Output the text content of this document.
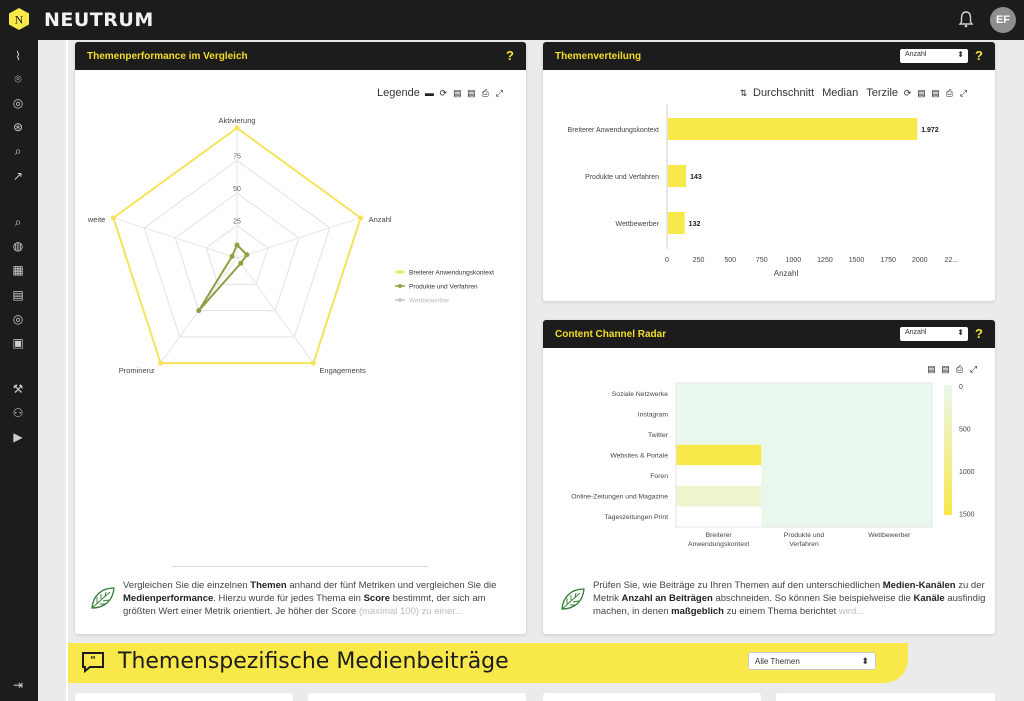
N NEUTRUM	EF
⌇
⌾
◎
⊛
⌕
↗
⌕
◍
▦
▤
◎
▣
⚒
⚇
▶
⇥
Themenperformance im Vergleich	?
Legende ▬ ⟳ ▤ ▤ ⎙ ⤢
25
50
75
Aktivierung
Anzahl
Engagements
Prominenz
weite
Breiterer Anwendungskontext
Produkte und Verfahren
Wettbewerber
Vergleichen Sie die einzelnen Themen anhand der fünf Metriken und vergleichen Sie die Medienperformance. Hierzu wurde für jedes Thema ein Score bestimmt, der sich am größten Wert einer Metrik orientiert. Je höher der Score (maximal 100) zu einer...
Themenverteilung	Anzahl ⬍	?
⇅ Durchschnitt Median Terzile ⟳ ▤ ▤ ⎙ ⤢
Breiterer Anwendungskontext	1.972
Produkte und Verfahren	143
Wettbewerber	132
0	250	500	750	1000 1250 1500 1750 2000 22...
Anzahl
Content Channel Radar	Anzahl ⬍	?
▤ ▤ ⎙ ⤢
Soziale Netzwerke
Instagram
Twitter
Websites & Portale
Foren
Online-Zeitungen und Magazine
Tageszeitungen Print
Breiterer Anwendungskontext
Produkte und Verfahren
Wettbewerber
0
500
1000
1500
Prüfen Sie, wie Beiträge zu Ihren Themen auf den unterschiedlichen Medien-Kanälen zu der Metrik Anzahl an Beiträgen abschneiden. So können Sie beispielweise die Kanäle ausfindig machen, in denen maßgeblich zu einem Thema berichtet wird...
" Themenspezifische Medienbeiträge	Alle Themen ⬍
